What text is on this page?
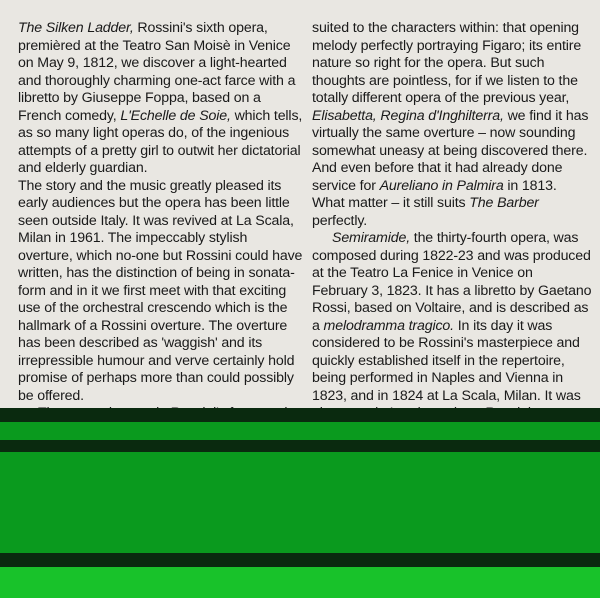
The Silken Ladder, Rossini's sixth opera, premièred at the Teatro San Moisè in Venice on May 9, 1812, we discover a light-hearted and thoroughly charming one-act farce with a libretto by Giuseppe Foppa, based on a French comedy, L'Echelle de Soie, which tells, as so many light operas do, of the ingenious attempts of a pretty girl to outwit her dictatorial and elderly guardian.

The story and the music greatly pleased its early audiences but the opera has been little seen outside Italy. It was revived at La Scala, Milan in 1961. The impeccably stylish overture, which no-one but Rossini could have written, has the distinction of being in sonata-form and in it we first meet with that exciting use of the orchestral crescendo which is the hallmark of a Rossini overture. The overture has been described as 'waggish' and its irrepressible humour and verve certainly hold promise of perhaps more than could possibly be offered.

suited to the characters within: that opening melody perfectly portraying Figaro; its entire nature so right for the opera. But such thoughts are pointless, for if we listen to the totally different opera of the previous year, Elisabetta, Regina d'Inghilterra, we find it has virtually the same overture – now sounding somewhat uneasy at being discovered there. And even before that it had already done service for Aureliano in Palmira in 1813. What matter – it still suits The Barber perfectly.

Semiramide, the thirty-fourth opera, was composed during 1822-23 and was produced at the Teatro La Fenice in Venice on February 3, 1823. It has a libretto by Gaetano Rossi, based on Voltaire, and is described as a melodramma tragico. In its day it was considered to be Rossini's masterpiece and quickly established itself in the repertoire, being performed in Naples and Vienna in 1823, and in 1824 at La Scala, Milan. It was
